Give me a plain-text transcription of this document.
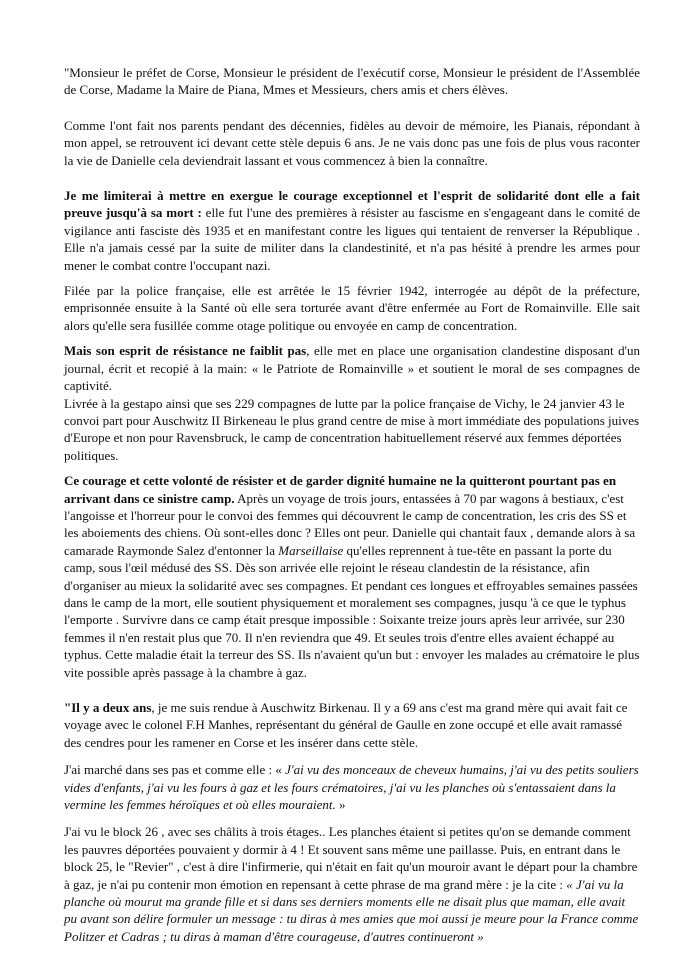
"Monsieur le préfet de Corse, Monsieur le président de l'exécutif corse, Monsieur le président de l'Assemblée de Corse, Madame la Maire de Piana, Mmes et Messieurs, chers amis et chers élèves.

Comme l'ont fait nos parents pendant des décennies, fidèles au devoir de mémoire, les Pianais, répondant à mon appel, se retrouvent ici devant cette stèle depuis 6 ans. Je ne vais donc pas une fois de plus vous raconter la vie de Danielle cela deviendrait lassant et vous commencez à bien la connaître.

Je me limiterai à mettre en exergue le courage exceptionnel et l'esprit de solidarité dont elle a fait preuve jusqu'à sa mort : elle fut l'une des premières à résister au fascisme en s'engageant dans le comité de vigilance anti fasciste dès 1935 et en manifestant contre les ligues qui tentaient de renverser la République . Elle n'a jamais cessé par la suite de militer dans la clandestinité, et n'a pas hésité à prendre les armes pour mener le combat contre l'occupant nazi.

Filée par la police française, elle est arrêtée le 15 février 1942, interrogée au dépôt de la préfecture, emprisonnée ensuite à la Santé où elle sera torturée avant d'être enfermée au Fort de Romainville. Elle sait alors qu'elle sera fusillée comme otage politique ou envoyée en camp de concentration.

Mais son esprit de résistance ne faiblit pas, elle met en place une organisation clandestine disposant d'un journal, écrit et recopié à la main: « le Patriote de Romainville » et soutient le moral de ses compagnes de captivité.

Livrée à la gestapo ainsi que ses 229 compagnes de lutte par la police française de Vichy, le 24 janvier 43 le convoi part pour Auschwitz II Birkeneau le plus grand centre de mise à mort immédiate des populations juives d'Europe et non pour Ravensbruck, le camp de concentration habituellement réservé aux femmes déportées politiques.

Ce courage et cette volonté de résister et de garder dignité humaine ne la quitteront pourtant pas en arrivant dans ce sinistre camp. Après un voyage de trois jours, entassées à 70 par wagons à bestiaux, c'est l'angoisse et l'horreur pour le convoi des femmes qui découvrent le camp de concentration, les cris des SS et les aboiements des chiens. Où sont-elles donc ? Elles ont peur. Danielle qui chantait faux , demande alors à sa camarade Raymonde Salez d'entonner la Marseillaise qu'elles reprennent à tue-tête en passant la porte du camp, sous l'œil médusé des SS. Dès son arrivée elle rejoint le réseau clandestin de la résistance, afin d'organiser au mieux la solidarité avec ses compagnes. Et pendant ces longues et effroyables semaines passées dans le camp de la mort, elle soutient physiquement et moralement ses compagnes, jusqu 'à ce que le typhus l'emporte . Survivre dans ce camp était presque impossible : Soixante treize jours après leur arrivée, sur 230 femmes il n'en restait plus que 70. Il n'en reviendra que 49. Et seules trois d'entre elles avaient échappé au typhus. Cette maladie était la terreur des SS. Ils n'avaient qu'un but : envoyer les malades au crématoire le plus vite possible après passage à la chambre à gaz.

"Il y a deux ans, je me suis rendue à Auschwitz Birkenau. Il y a 69 ans c'est ma grand mère qui avait fait ce voyage avec le colonel F.H Manhes, représentant du général de Gaulle en zone occupé et elle avait ramassé des cendres pour les ramener en Corse et les insérer dans cette stèle.

J'ai marché dans ses pas et comme elle : « J'ai vu des monceaux de cheveux humains, j'ai vu des petits souliers vides d'enfants, j'ai vu les fours à gaz et les fours crématoires, j'ai vu les planches où s'entassaient dans la vermine les femmes héroïques et où elles mouraient. »

J'ai vu le block 26 , avec ses châlits à trois étages.. Les planches étaient si petites qu'on se demande comment les pauvres déportées pouvaient y dormir à 4 ! Et souvent sans même une paillasse. Puis, en entrant dans le block 25, le "Revier" , c'est à dire l'infirmerie, qui n'était en fait qu'un mouroir avant le départ pour la chambre à gaz, je n'ai pu contenir mon émotion en repensant à cette phrase de ma grand mère : je la cite : « J'ai vu la planche où mourut ma grande fille et si dans ses derniers moments elle ne disait plus que maman, elle avait pu avant son délire formuler un message : tu diras à mes amies que moi aussi je meure pour la France comme Politzer et Cadras ; tu diras à maman d'être courageuse, d'autres continueront »
